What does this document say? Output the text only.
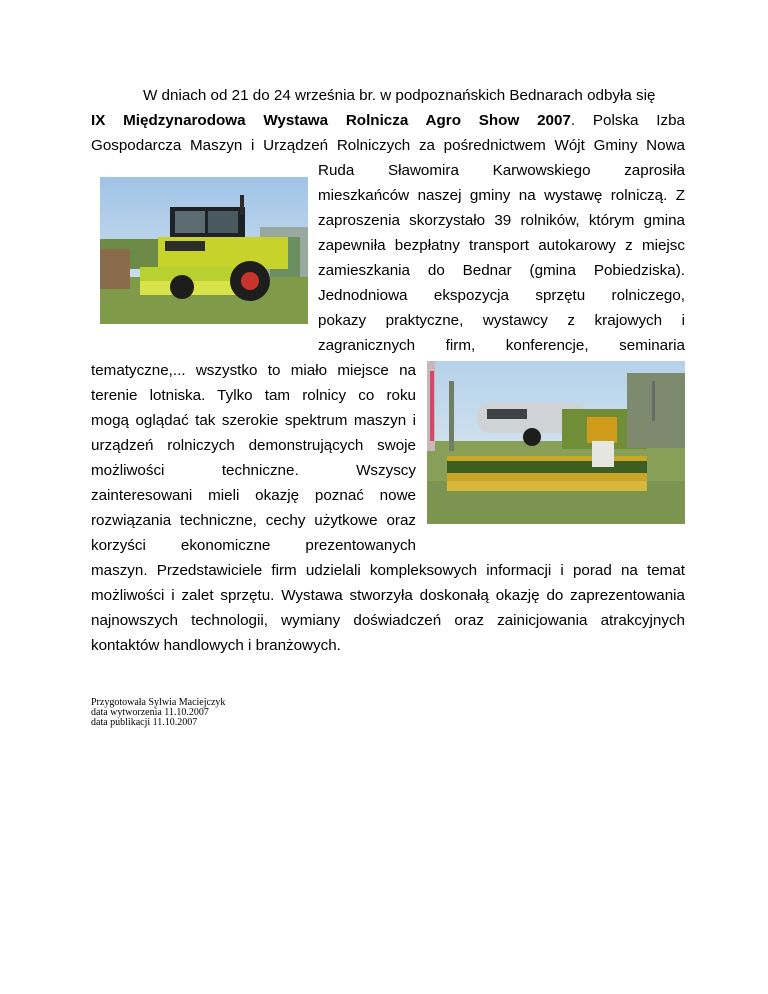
W dniach od 21 do 24 września br. w podpoznańskich Bednarach odbyła się
IX Międzynarodowa Wystawa Rolnicza Agro Show 2007. Polska Izba
Gospodarcza Maszyn i Urządzeń Rolniczych za pośrednictwem Wójt Gminy Nowa
Ruda Sławomira Karwowskiego zaprosiła
mieszkańców naszej gminy na wystawę rolniczą. Z
zaproszenia skorzystało 39 rolników, którym gmina
zapewniła bezpłatny transport autokarowy z miejsc
zamieszkania do Bednar (gmina Pobiedziska).
Jednodniowa ekspozycja sprzętu rolniczego,
pokazy praktyczne, wystawcy z krajowych i
zagranicznych firm, konferencje, seminaria
tematyczne,... wszystko to miało miejsce na
terenie lotniska. Tylko tam rolnicy co roku
mogą oglądać tak szerokie spektrum maszyn i
urządzeń rolniczych demonstrujących swoje
możliwości techniczne. Wszyscy
zainteresowani mieli okazję poznać nowe
rozwiązania techniczne, cechy użytkowe oraz
korzyści ekonomiczne prezentowanych
maszyn. Przedstawiciele firm udzielali kompleksowych informacji i porad na temat
możliwości i zalet sprzętu. Wystawa stworzyła doskonałą okazję do zaprezentowania
najnowszych technologii, wymiany doświadczeń oraz zainicjowania atrakcyjnych
kontaktów handlowych i branżowych.
Przygotowała Sylwia Maciejczyk
data wytworzenia 11.10.2007
data publikacji 11.10.2007
